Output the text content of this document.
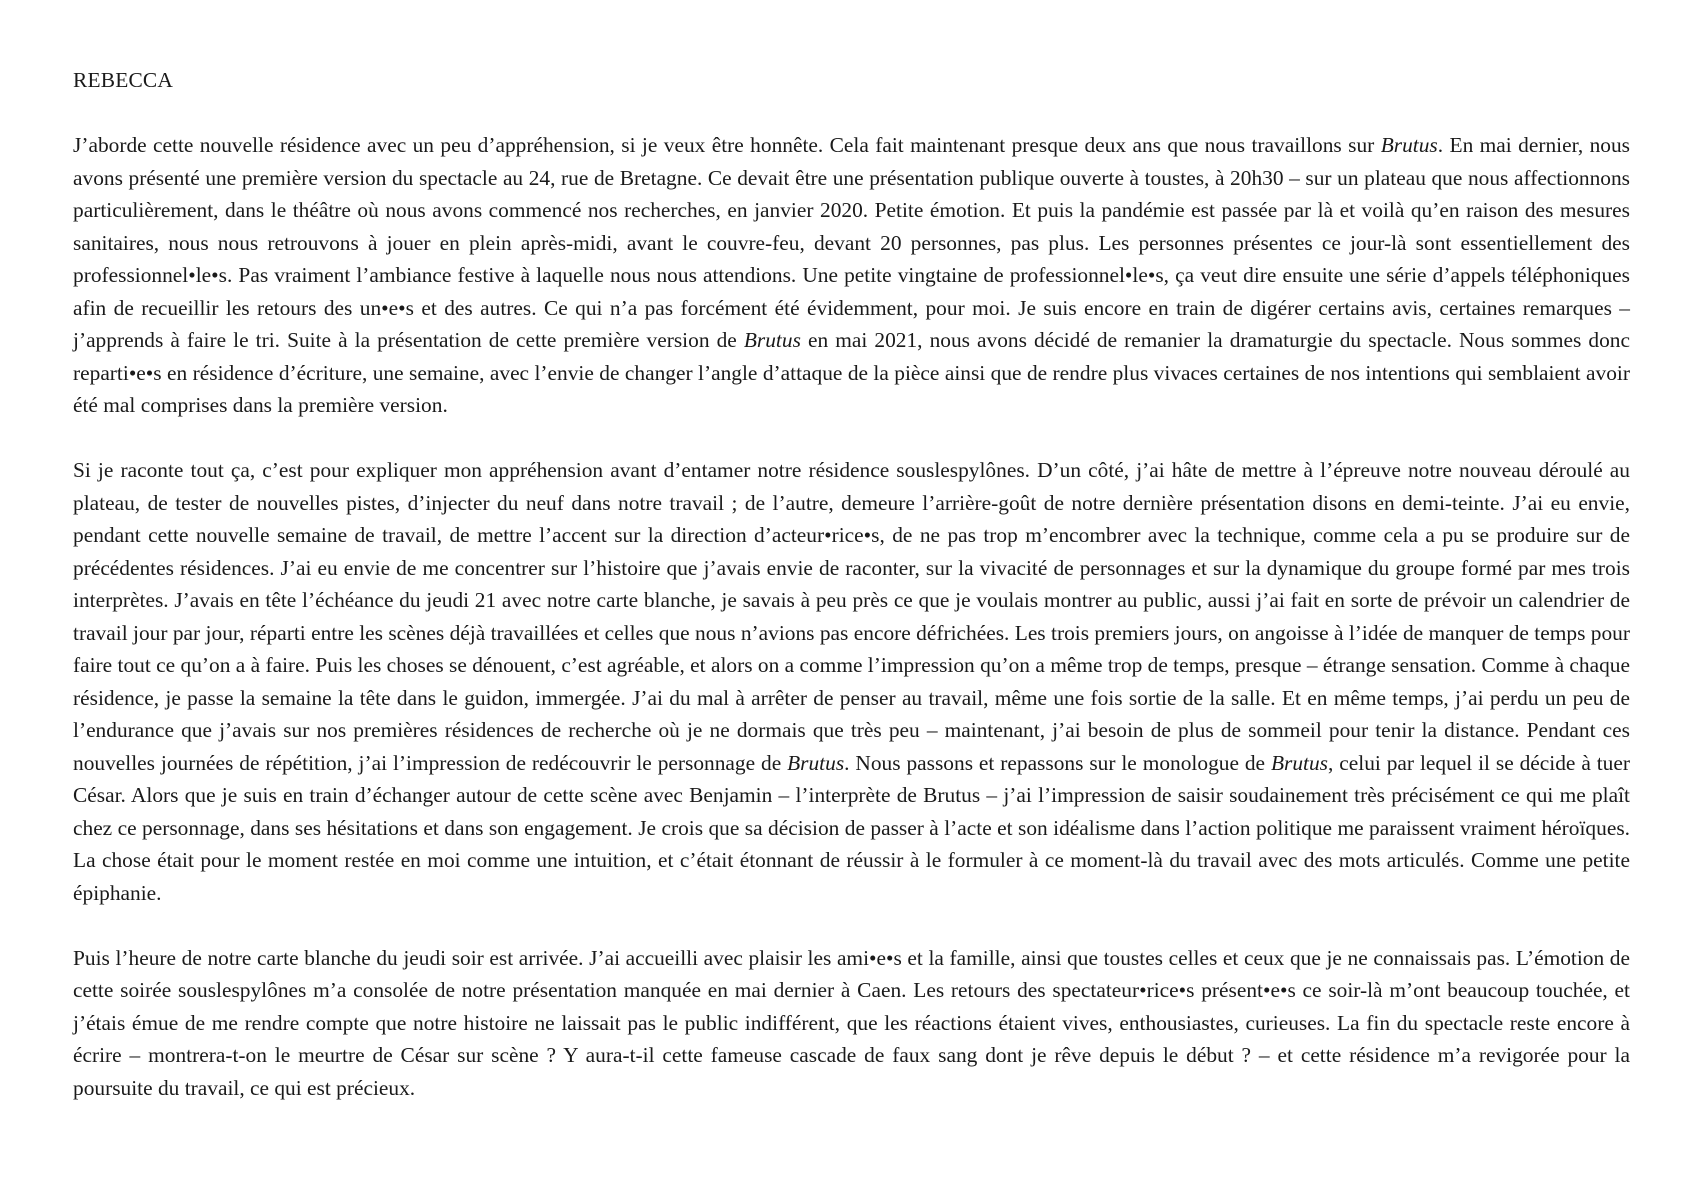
REBECCA

J’aborde cette nouvelle résidence avec un peu d’appréhension, si je veux être honnête. Cela fait maintenant presque deux ans que nous travaillons sur Brutus. En mai dernier, nous avons présenté une première version du spectacle au 24, rue de Bretagne. Ce devait être une présentation publique ouverte à toustes, à 20h30 – sur un plateau que nous affectionnons particulièrement, dans le théâtre où nous avons commencé nos recherches, en janvier 2020. Petite émotion. Et puis la pandémie est passée par là et voilà qu’en raison des mesures sanitaires, nous nous retrouvons à jouer en plein après-midi, avant le couvre-feu, devant 20 personnes, pas plus. Les personnes présentes ce jour-là sont essentiellement des professionnel•le•s. Pas vraiment l’ambiance festive à laquelle nous nous attendions. Une petite vingtaine de professionnel•le•s, ça veut dire ensuite une série d’appels téléphoniques afin de recueillir les retours des un•e•s et des autres. Ce qui n’a pas forcément été évidemment, pour moi. Je suis encore en train de digérer certains avis, certaines remarques – j’apprends à faire le tri. Suite à la présentation de cette première version de Brutus en mai 2021, nous avons décidé de remanier la dramaturgie du spectacle. Nous sommes donc reparti•e•s en résidence d’écriture, une semaine, avec l’envie de changer l’angle d’attaque de la pièce ainsi que de rendre plus vivaces certaines de nos intentions qui semblaient avoir été mal comprises dans la première version.

Si je raconte tout ça, c’est pour expliquer mon appréhension avant d’entamer notre résidence souslespylônes. D’un côté, j’ai hâte de mettre à l’épreuve notre nouveau déroulé au plateau, de tester de nouvelles pistes, d’injecter du neuf dans notre travail ; de l’autre, demeure l’arrière-goût de notre dernière présentation disons en demi-teinte. J’ai eu envie, pendant cette nouvelle semaine de travail, de mettre l’accent sur la direction d’acteur•rice•s, de ne pas trop m’encombrer avec la technique, comme cela a pu se produire sur de précédentes résidences. J’ai eu envie de me concentrer sur l’histoire que j’avais envie de raconter, sur la vivacité de personnages et sur la dynamique du groupe formé par mes trois interprètes. J’avais en tête l’échéance du jeudi 21 avec notre carte blanche, je savais à peu près ce que je voulais montrer au public, aussi j’ai fait en sorte de prévoir un calendrier de travail jour par jour, réparti entre les scènes déjà travaillées et celles que nous n’avions pas encore défrichées. Les trois premiers jours, on angoisse à l’idée de manquer de temps pour faire tout ce qu’on a à faire. Puis les choses se dénouent, c’est agréable, et alors on a comme l’impression qu’on a même trop de temps, presque – étrange sensation. Comme à chaque résidence, je passe la semaine la tête dans le guidon, immergée. J’ai du mal à arrêter de penser au travail, même une fois sortie de la salle. Et en même temps, j’ai perdu un peu de l’endurance que j’avais sur nos premières résidences de recherche où je ne dormais que très peu – maintenant, j’ai besoin de plus de sommeil pour tenir la distance. Pendant ces nouvelles journées de répétition, j’ai l’impression de redécouvrir le personnage de Brutus. Nous passons et repassons sur le monologue de Brutus, celui par lequel il se décide à tuer César. Alors que je suis en train d’échanger autour de cette scène avec Benjamin – l’interprète de Brutus – j’ai l’impression de saisir soudainement très précisément ce qui me plaît chez ce personnage, dans ses hésitations et dans son engagement. Je crois que sa décision de passer à l’acte et son idéalisme dans l’action politique me paraissent vraiment héroïques. La chose était pour le moment restée en moi comme une intuition, et c’était étonnant de réussir à le formuler à ce moment-là du travail avec des mots articulés. Comme une petite épiphanie.

Puis l’heure de notre carte blanche du jeudi soir est arrivée. J’ai accueilli avec plaisir les ami•e•s et la famille, ainsi que toustes celles et ceux que je ne connaissais pas. L’émotion de cette soirée souslespylônes m’a consolée de notre présentation manquée en mai dernier à Caen. Les retours des spectateur•rice•s présent•e•s ce soir-là m’ont beaucoup touchée, et j’étais émue de me rendre compte que notre histoire ne laissait pas le public indifférent, que les réactions étaient vives, enthousiastes, curieuses. La fin du spectacle reste encore à écrire – montrera-t-on le meurtre de César sur scène ? Y aura-t-il cette fameuse cascade de faux sang dont je rêve depuis le début ? – et cette résidence m’a revigorée pour la poursuite du travail, ce qui est précieux.
